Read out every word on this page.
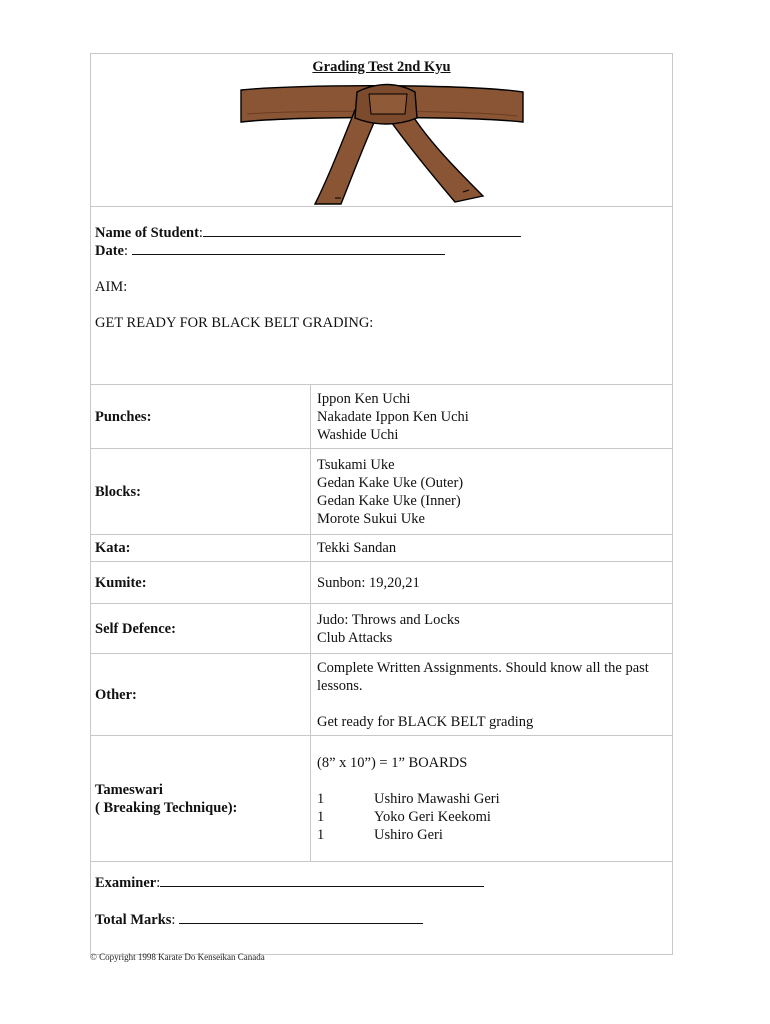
Grading Test 2nd Kyu	

Name of Student:

Date:

AIM:

GET READY FOR BLACK BELT GRADING:	

Punches:	Ippon Ken Uchi
Nakadate Ippon Ken Uchi
Washide Uchi

Blocks:	Tsukami Uke
Gedan Kake Uke (Outer)
Gedan Kake Uke (Inner)
Morote Sukui Uke

Kata:	Tekki Sandan
Kumite:	Sunbon: 19,20,21
Self Defence:	Judo: Throws and Locks
Club Attacks

Other:	Complete Written Assignments. Should know all the past
lessons.
Get ready for BLACK BELT grading

Tameswari
( Breaking Technique):	(8” x 10”) = 1” BOARDS
1 Ushiro Mawashi Geri
1 Yoko Geri Keekomi
1 Ushiro Geri

Examiner:

Total Marks:	

© Copyright 1998 Karate Do Kenseikan Canada
